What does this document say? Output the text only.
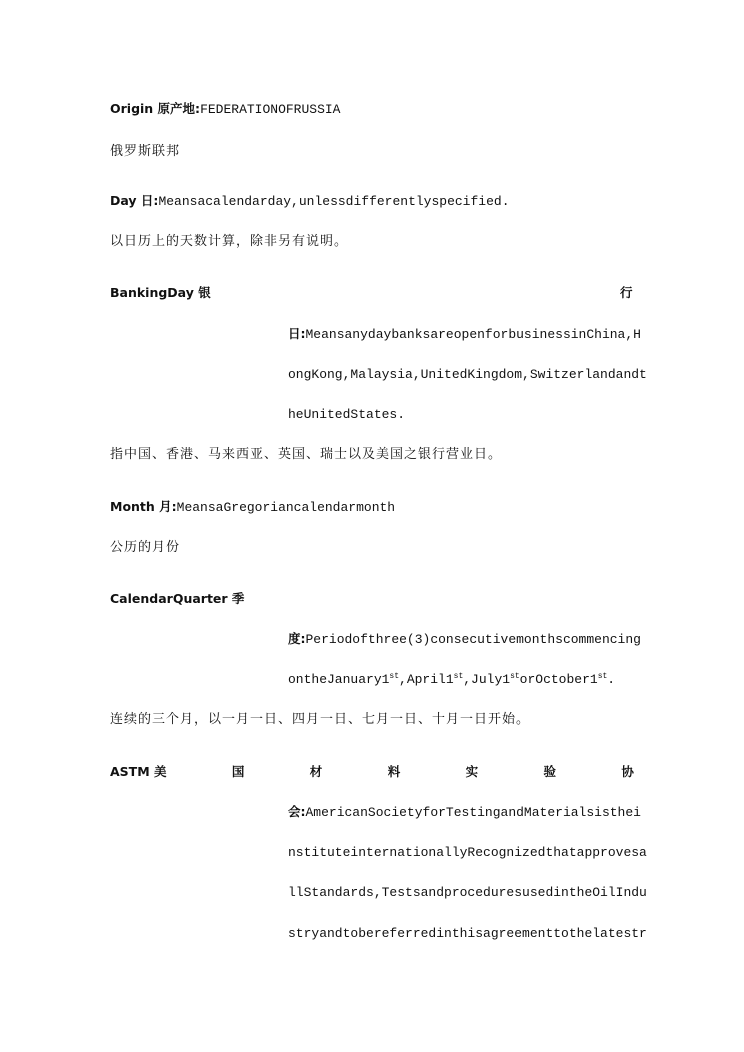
Origin 原产地:FEDERATIONOFRUSSIA
俄罗斯联邦
Day 日:Meansacalendarday,unlessdifferentlyspecified.
以日历上的天数计算，除非另有说明。
BankingDay 银	行
日:MeansanydaybanksareopenforbusinessinChina,H
ongKong,Malaysia,UnitedKingdom,Switzerlandandt
heUnitedStates.
指中国、香港、马来西亚、英国、瑞士以及美国之银行营业日。
Month 月:MeansaGregoriancalendarmonth
公历的月份
CalendarQuarter 季
度:Periodofthree(3)consecutivemonthscommencing
ontheJanuary1st,April1st,July1storOctober1st.
连续的三个月，以一月一日、四月一日、七月一日、十月一日开始。
ASTM 美	国	材	料	实	验	协
会:AmericanSocietyforTestingandMaterialsisthei
nstituteinternationallyRecognizedthatapprovesa
llStandards,TestsandproceduresusedintheOilIndu
stryandtobereferredinthisagreementtothelatestr
